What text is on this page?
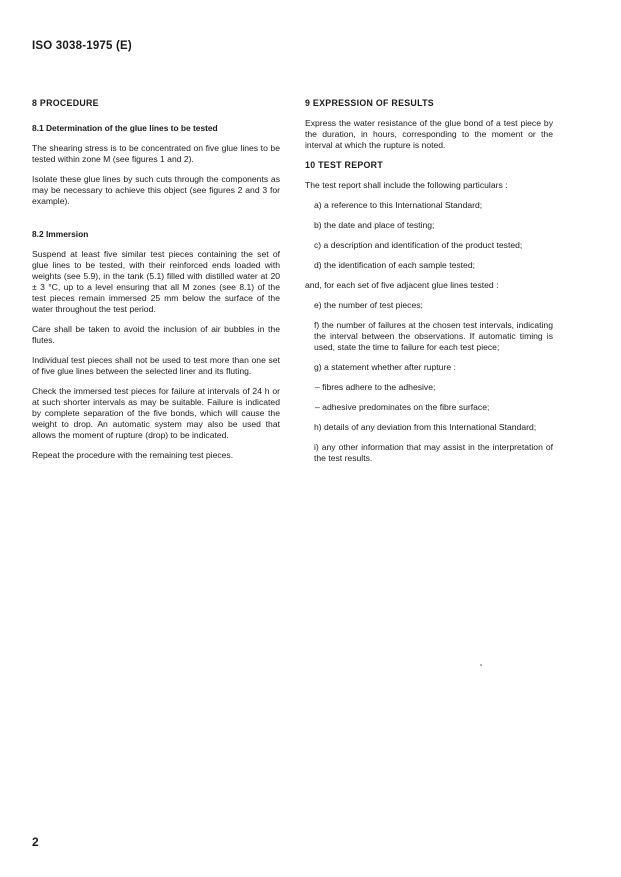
ISO 3038-1975 (E)
8 PROCEDURE
8.1 Determination of the glue lines to be tested

The shearing stress is to be concentrated on five glue lines to be tested within zone M (see figures 1 and 2).

Isolate these glue lines by such cuts through the components as may be necessary to achieve this object (see figures 2 and 3 for example).

8.2 Immersion

Suspend at least five similar test pieces containing the set of glue lines to be tested, with their reinforced ends loaded with weights (see 5.9), in the tank (5.1) filled with distilled water at 20 ± 3 °C, up to a level ensuring that all M zones (see 8.1) of the test pieces remain immersed 25 mm below the surface of the water throughout the test period.

Care shall be taken to avoid the inclusion of air bubbles in the flutes.

Individual test pieces shall not be used to test more than one set of five glue lines between the selected liner and its fluting.

Check the immersed test pieces for failure at intervals of 24 h or at such shorter intervals as may be suitable. Failure is indicated by complete separation of the five bonds, which will cause the weight to drop. An automatic system may also be used that allows the moment of rupture (drop) to be indicated.

Repeat the procedure with the remaining test pieces.

9 EXPRESSION OF RESULTS

Express the water resistance of the glue bond of a test piece by the duration, in hours, corresponding to the moment or the interval at which the rupture is noted.

10 TEST REPORT

The test report shall include the following particulars :

a) a reference to this International Standard;
b) the date and place of testing;
c) a description and identification of the product tested;
d) the identification of each sample tested;

and, for each set of five adjacent glue lines tested :

e) the number of test pieces;
f) the number of failures at the chosen test intervals, indicating the interval between the observations. If automatic timing is used, state the time to failure for each test piece;
g) a statement whether after rupture :
– fibres adhere to the adhesive;
– adhesive predominates on the fibre surface;
h) details of any deviation from this International Standard;
i) any other information that may assist in the interpretation of the test results.
2
